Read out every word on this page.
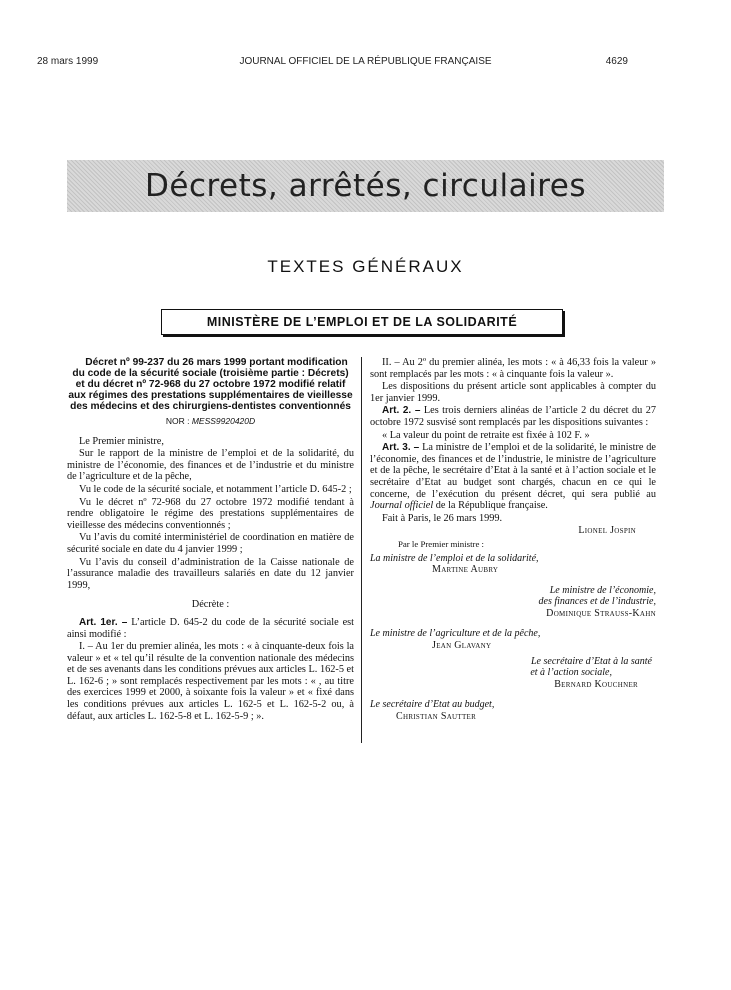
28 mars 1999	JOURNAL OFFICIEL DE LA RÉPUBLIQUE FRANÇAISE	4629
Décrets, arrêtés, circulaires
TEXTES GÉNÉRAUX
MINISTÈRE DE L’EMPLOI ET DE LA SOLIDARITÉ

Décret nº 99-237 du 26 mars 1999 portant modification du code de la sécurité sociale (troisième partie : Décrets) et du décret nº 72-968 du 27 octobre 1972 modifié relatif aux régimes des prestations supplémentaires de vieillesse des médecins et des chirurgiens-dentistes conventionnés

NOR : MESS9920420D

Le Premier ministre,

Sur le rapport de la ministre de l’emploi et de la solidarité, du ministre de l’économie, des finances et de l’industrie et du ministre de l’agriculture et de la pêche,

Vu le code de la sécurité sociale, et notamment l’article D. 645-2 ;

Vu le décret nº 72-968 du 27 octobre 1972 modifié tendant à rendre obligatoire le régime des prestations supplémentaires de vieillesse des médecins conventionnés ;

Vu l’avis du comité interministériel de coordination en matière de sécurité sociale en date du 4 janvier 1999 ;

Vu l’avis du conseil d’administration de la Caisse nationale de l’assurance maladie des travailleurs salariés en date du 12 janvier 1999,

Décrète :

Art. 1er. – L’article D. 645-2 du code de la sécurité sociale est ainsi modifié :

I. – Au 1er du premier alinéa, les mots : « à cinquante-deux fois la valeur » et « tel qu’il résulte de la convention nationale des médecins et de ses avenants dans les conditions prévues aux articles L. 162-5 et L. 162-6 ; » sont remplacés respectivement par les mots : « , au titre des exercices 1999 et 2000, à soixante fois la valeur » et « fixé dans les conditions prévues aux articles L. 162-5 et L. 162-5-2 ou, à défaut, aux articles L. 162-5-8 et L. 162-5-9 ; ».

II. – Au 2º du premier alinéa, les mots : « à 46,33 fois la valeur » sont remplacés par les mots : « à cinquante fois la valeur ».

Les dispositions du présent article sont applicables à compter du 1er janvier 1999.

Art. 2. – Les trois derniers alinéas de l’article 2 du décret du 27 octobre 1972 susvisé sont remplacés par les dispositions suivantes :

« La valeur du point de retraite est fixée à 102 F. »

Art. 3. – La ministre de l’emploi et de la solidarité, le ministre de l’économie, des finances et de l’industrie, le ministre de l’agriculture et de la pêche, le secrétaire d’Etat à la santé et à l’action sociale et le secrétaire d’Etat au budget sont chargés, chacun en ce qui le concerne, de l’exécution du présent décret, qui sera publié au Journal officiel de la République française.

Fait à Paris, le 26 mars 1999.

Lionel Jospin
Par le Premier ministre :
La ministre de l’emploi et de la solidarité,
Martine Aubry
Le ministre de l’économie,
des finances et de l’industrie,
Dominique Strauss-Kahn
Le ministre de l’agriculture et de la pêche,
Jean Glavany
Le secrétaire d’Etat à la santé
et à l’action sociale,
Bernard Kouchner
Le secrétaire d’Etat au budget,
Christian Sautter
